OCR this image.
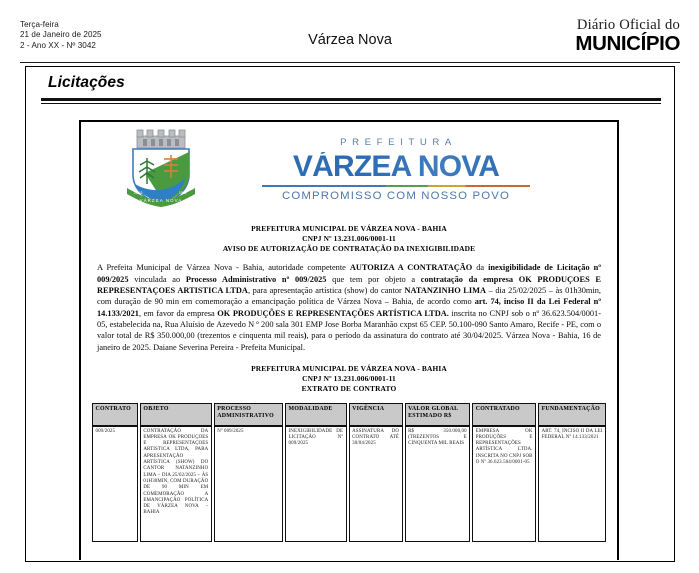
Terça-feira
21 de Janeiro de 2025
2 - Ano XX - Nº 3042	Várzea Nova
Diário Oficial do
MUNICÍPIO
Licitações
VÁRZEA NOVA
25-02	1985
PREFEITURA
VÁRZEA NOVA
COMPROMISSO COM NOSSO POVO
PREFEITURA MUNICIPAL DE VÁRZEA NOVA - BAHIA
CNPJ Nº 13.231.006/0001-11
AVISO DE AUTORIZAÇÃO DE CONTRATAÇÃO DA INEXIGIBILIDADE

A Prefeita Municipal de Várzea Nova - Bahia, autoridade competente AUTORIZA A CONTRATAÇÃO da inexigibilidade de Licitação nº 009/2025 vinculada ao Processo Administrativo nº 009/2025 que tem por objeto a contratação da empresa OK PRODUÇOES E REPRESENTAÇOES ARTISTICA LTDA, para apresentação artística (show) do cantor NATANZINHO LIMA – dia 25/02/2025 – às 01h30min, com duração de 90 min em comemoração a emancipação política de Várzea Nova – Bahia, de acordo como art. 74, inciso II da Lei Federal nº 14.133/2021, em favor da empresa OK PRODUÇÕES E REPRESENTAÇÕES ARTÍSTICA LTDA. inscrita no CNPJ sob o nº 36.623.504/0001-05, estabelecida na, Rua Aluísio de Azevedo N º 200 sala 301 EMP Jose Borba Maranhão cxpst 65 CEP. 50.100-090 Santo Amaro, Recife - PE, com o valor total de R$ 350.000,00 (trezentos e cinquenta mil reais), para o período da assinatura do contrato até 30/04/2025. Várzea Nova - Bahia, 16 de janeiro de 2025. Daiane Severina Pereira - Prefeita Municipal.

PREFEITURA MUNICIPAL DE VÁRZEA NOVA - BAHIA
CNPJ Nº 13.231.006/0001-11
EXTRATO DE CONTRATO
CONTRATO	OBJETO	PROCESSO ADMINISTRATIVO	MODALIDADE	VIGÊNCIA	VALOR GLOBAL ESTIMADO R$	CONTRATADO	FUNDAMENTAÇÃO
009/2025	CONTRATAÇÃO DA EMPRESA OK PRODUÇOES E REPRESENTAÇOES ARTISTICA LTDA, PARA APRESENTAÇÃO ARTÍSTICA (SHOW) DO CANTOR NATANZINHO LIMA – DIA 25/02/2025 – ÀS 01H30MIN, COM DURAÇÃO DE 90 MIN EM COMEMORAÇÃO A EMANCIPAÇÃO POLÍTICA DE VÁRZEA NOVA – BAHIA	Nº 009/2025	INEXIGIBILIDADE DE LICITAÇÃO Nº 009/2025	ASSINATURA DO CONTRATO ATÉ 30/04/2025	R$ 350.000,00 (TREZENTOS E CINQUENTA MIL REAIS	EMPRESA OK PRODUÇÕES E REPRESENTAÇÕES ARTÍSTICA LTDA. INSCRITA NO CNPJ SOB O Nº 36.623.504/0001-05	ART. 74, INCISO II DA LEI FEDERAL Nº 14.133/2021
